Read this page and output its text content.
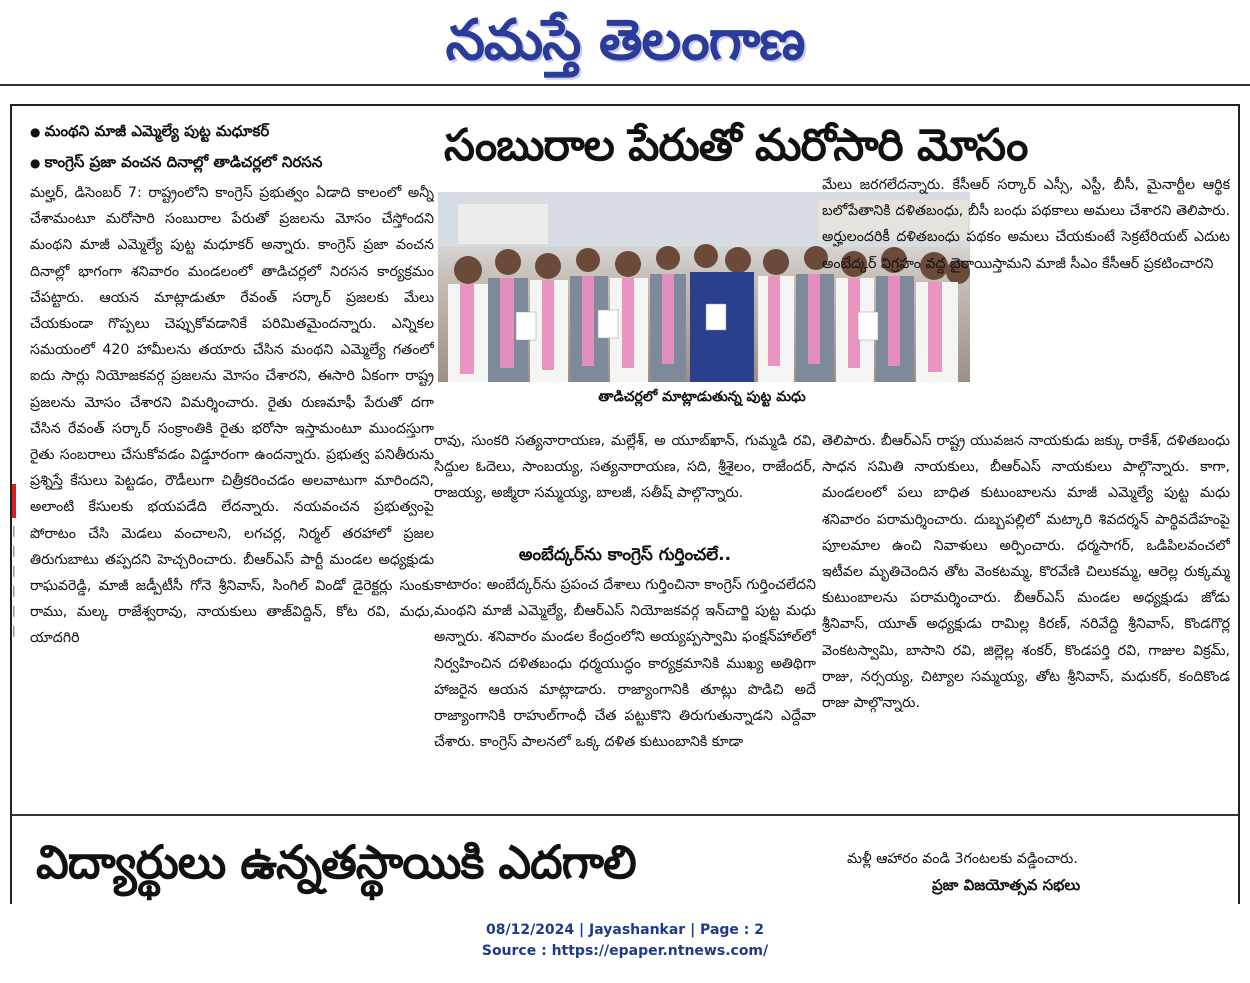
నమస్తే తెలంగాణ
|
|
|
|
|
|
● మంథని మాజీ ఎమ్మెల్యే పుట్ట మధూకర్
● కాంగ్రెస్ ప్రజా వంచన దినాల్లో తాడిచర్లలో నిరసన	సంబురాల పేరుతో మరోసారి మోసం
మల్హర్, డిసెంబర్ 7: రాష్ట్రంలోని కాంగ్రెస్ ప్రభుత్వం ఏడాది కాలంలో అన్నీ చేశామంటూ మరోసారి సంబురాల పేరుతో ప్రజలను మోసం చేస్తోందని మంథని మాజీ ఎమ్మెల్యే పుట్ట మధూకర్ అన్నారు. కాంగ్రెస్ ప్రజా వంచన దినాల్లో భాగంగా శనివారం మండలంలో తాడిచర్లలో నిరసన కార్యక్రమం చేపట్టారు. ఆయన మాట్లాడుతూ రేవంత్ సర్కార్ ప్రజలకు మేలు చేయకుండా గొప్పలు చెప్పుకోవడానికే పరిమితమైందన్నారు. ఎన్నికల సమయంలో 420 హామీలను తయారు చేసిన మంథని ఎమ్మెల్యే గతంలో ఐదు సార్లు నియోజకవర్గ ప్రజలను మోసం చేశారని, ఈసారి ఏకంగా రాష్ట్ర ప్రజలను మోసం చేశారని విమర్శించారు. రైతు రుణమాఫీ పేరుతో దగా చేసిన రేవంత్ సర్కార్ సంక్రాంతికి రైతు భరోసా ఇస్తామంటూ ముందస్తుగా రైతు సంబరాలు చేసుకోవడం విడ్డూరంగా ఉందన్నారు. ప్రభుత్వ పనితీరును ప్రశ్నిస్తే కేసులు పెట్టడం, రౌడీలుగా చిత్రీకరించడం అలవాటుగా మారిందని, అలాంటి కేసులకు భయపడేది లేదన్నారు. నయవంచన ప్రభుత్వంపై పోరాటం చేసి మెడలు వంచాలని, లగచర్ల, నిర్మల్ తరహాలో ప్రజల తిరుగుబాటు తప్పదని హెచ్చరించారు. బీఆర్ఎస్ పార్టీ మండల అధ్యక్షుడు రాఘవరెడ్డి, మాజీ జడ్పీటీసీ గోనె శ్రీనివాస్, సింగిల్ విండో డైరెక్టర్లు సుంకు రాము, మల్క రాజేశ్వరావు, నాయకులు తాజ్‌విద్దిన్, కోట రవి, మధు, యాదగిరి
తాడిచర్లలో మాట్లాడుతున్న పుట్ట మధు
రావు, సుంకరి సత్యనారాయణ, మల్లేశ్, అ యూబ్‌ఖాన్, గుమ్మడి రవి, సిద్దుల ఓదెలు, సాంబయ్య, సత్యనారాయణ, సది, శ్రీశైలం, రాజేందర్, రాజయ్య, అజ్మీరా సమ్మయ్య, బాలజీ, సతీష్ పాల్గొన్నారు.
అంబేద్కర్‌ను కాంగ్రెస్ గుర్తించలే..
కాటారం: అంబేద్కర్‌ను ప్రపంచ దేశాలు గుర్తించినా కాంగ్రెస్ గుర్తించలేదని మంథని మాజీ ఎమ్మెల్యే, బీఆర్ఎస్ నియోజకవర్గ ఇన్‌చార్జి పుట్ట మధు అన్నారు. శనివారం మండల కేంద్రంలోని అయ్యప్పస్వామి ఫంక్షన్‌హాల్‌లో నిర్వహించిన దళితబంధు ధర్మయుద్ధం కార్యక్రమానికి ముఖ్య అతిథిగా హాజరైన ఆయన మాట్లాడారు. రాజ్యాంగానికి తూట్లు పొడిచి అదే రాజ్యాంగానికి రాహుల్‌గాంధీ చేత పట్టుకొని తిరుగుతున్నాడని ఎద్దేవా చేశారు. కాంగ్రెస్ పాలనలో ఒక్క దళిత కుటుంబానికి కూడా
మేలు జరగలేదన్నారు. కేసీఆర్ సర్కార్ ఎస్సీ, ఎస్టీ, బీసీ, మైనార్టీల ఆర్థిక బలోపేతానికి దళితబంధు, బీసీ బంధు పథకాలు అమలు చేశారని తెలిపారు. అర్హులందరికీ దళితబంధు పథకం అమలు చేయకుంటే సెక్రటేరియట్ ఎదుట అంబేద్కర్ విగ్రహం వద్ద బైఠాయిస్తామని మాజీ సీఎం కేసీఆర్ ప్రకటించారని
తెలిపారు. బీఆర్ఎస్ రాష్ట్ర యువజన నాయకుడు జక్కు రాకేశ్, దళితబంధు సాధన సమితి నాయకులు, బీఆర్ఎస్ నాయకులు పాల్గొన్నారు. కాగా, మండలంలో పలు బాధిత కుటుంబాలను మాజీ ఎమ్మెల్యే పుట్ట మధు శనివారం పరామర్శించారు. దుబ్బపల్లిలో మట్కారి శివదర్శన్ పార్థివదేహంపై పూలమాల ఉంచి నివాళులు అర్పించారు. ధర్మసాగర్, ఒడిపిలవంచలో ఇటీవల మృతిచెందిన తోట వెంకటమ్మ, కొరవేణి చిలుకమ్మ, ఆరెల్ల రుక్కమ్మ కుటుంబాలను పరామర్శించారు. బీఆర్ఎస్ మండల అధ్యక్షుడు జోడు శ్రీనివాస్, యూత్ అధ్యక్షుడు రామిల్ల కిరణ్, నరివేద్ది శ్రీనివాస్, కొండగొర్ల వెంకటస్వామి, బాసాని రవి, జిల్లెల్ల శంకర్, కొండపర్తి రవి, గాజుల విక్రమ్, రాజు, నర్సయ్య, చిట్యాల సమ్మయ్య, తోట శ్రీనివాస్, మధుకర్, కందికొండ రాజు పాల్గొన్నారు.
విద్యార్థులు ఉన్నతస్థాయికి ఎదగాలి	మళ్లీ ఆహారం వండి 3గంటలకు వడ్డించారు.
ప్రజా విజయోత్సవ సభలు
08/12/2024 | Jayashankar | Page : 2
Source : https://epaper.ntnews.com/
